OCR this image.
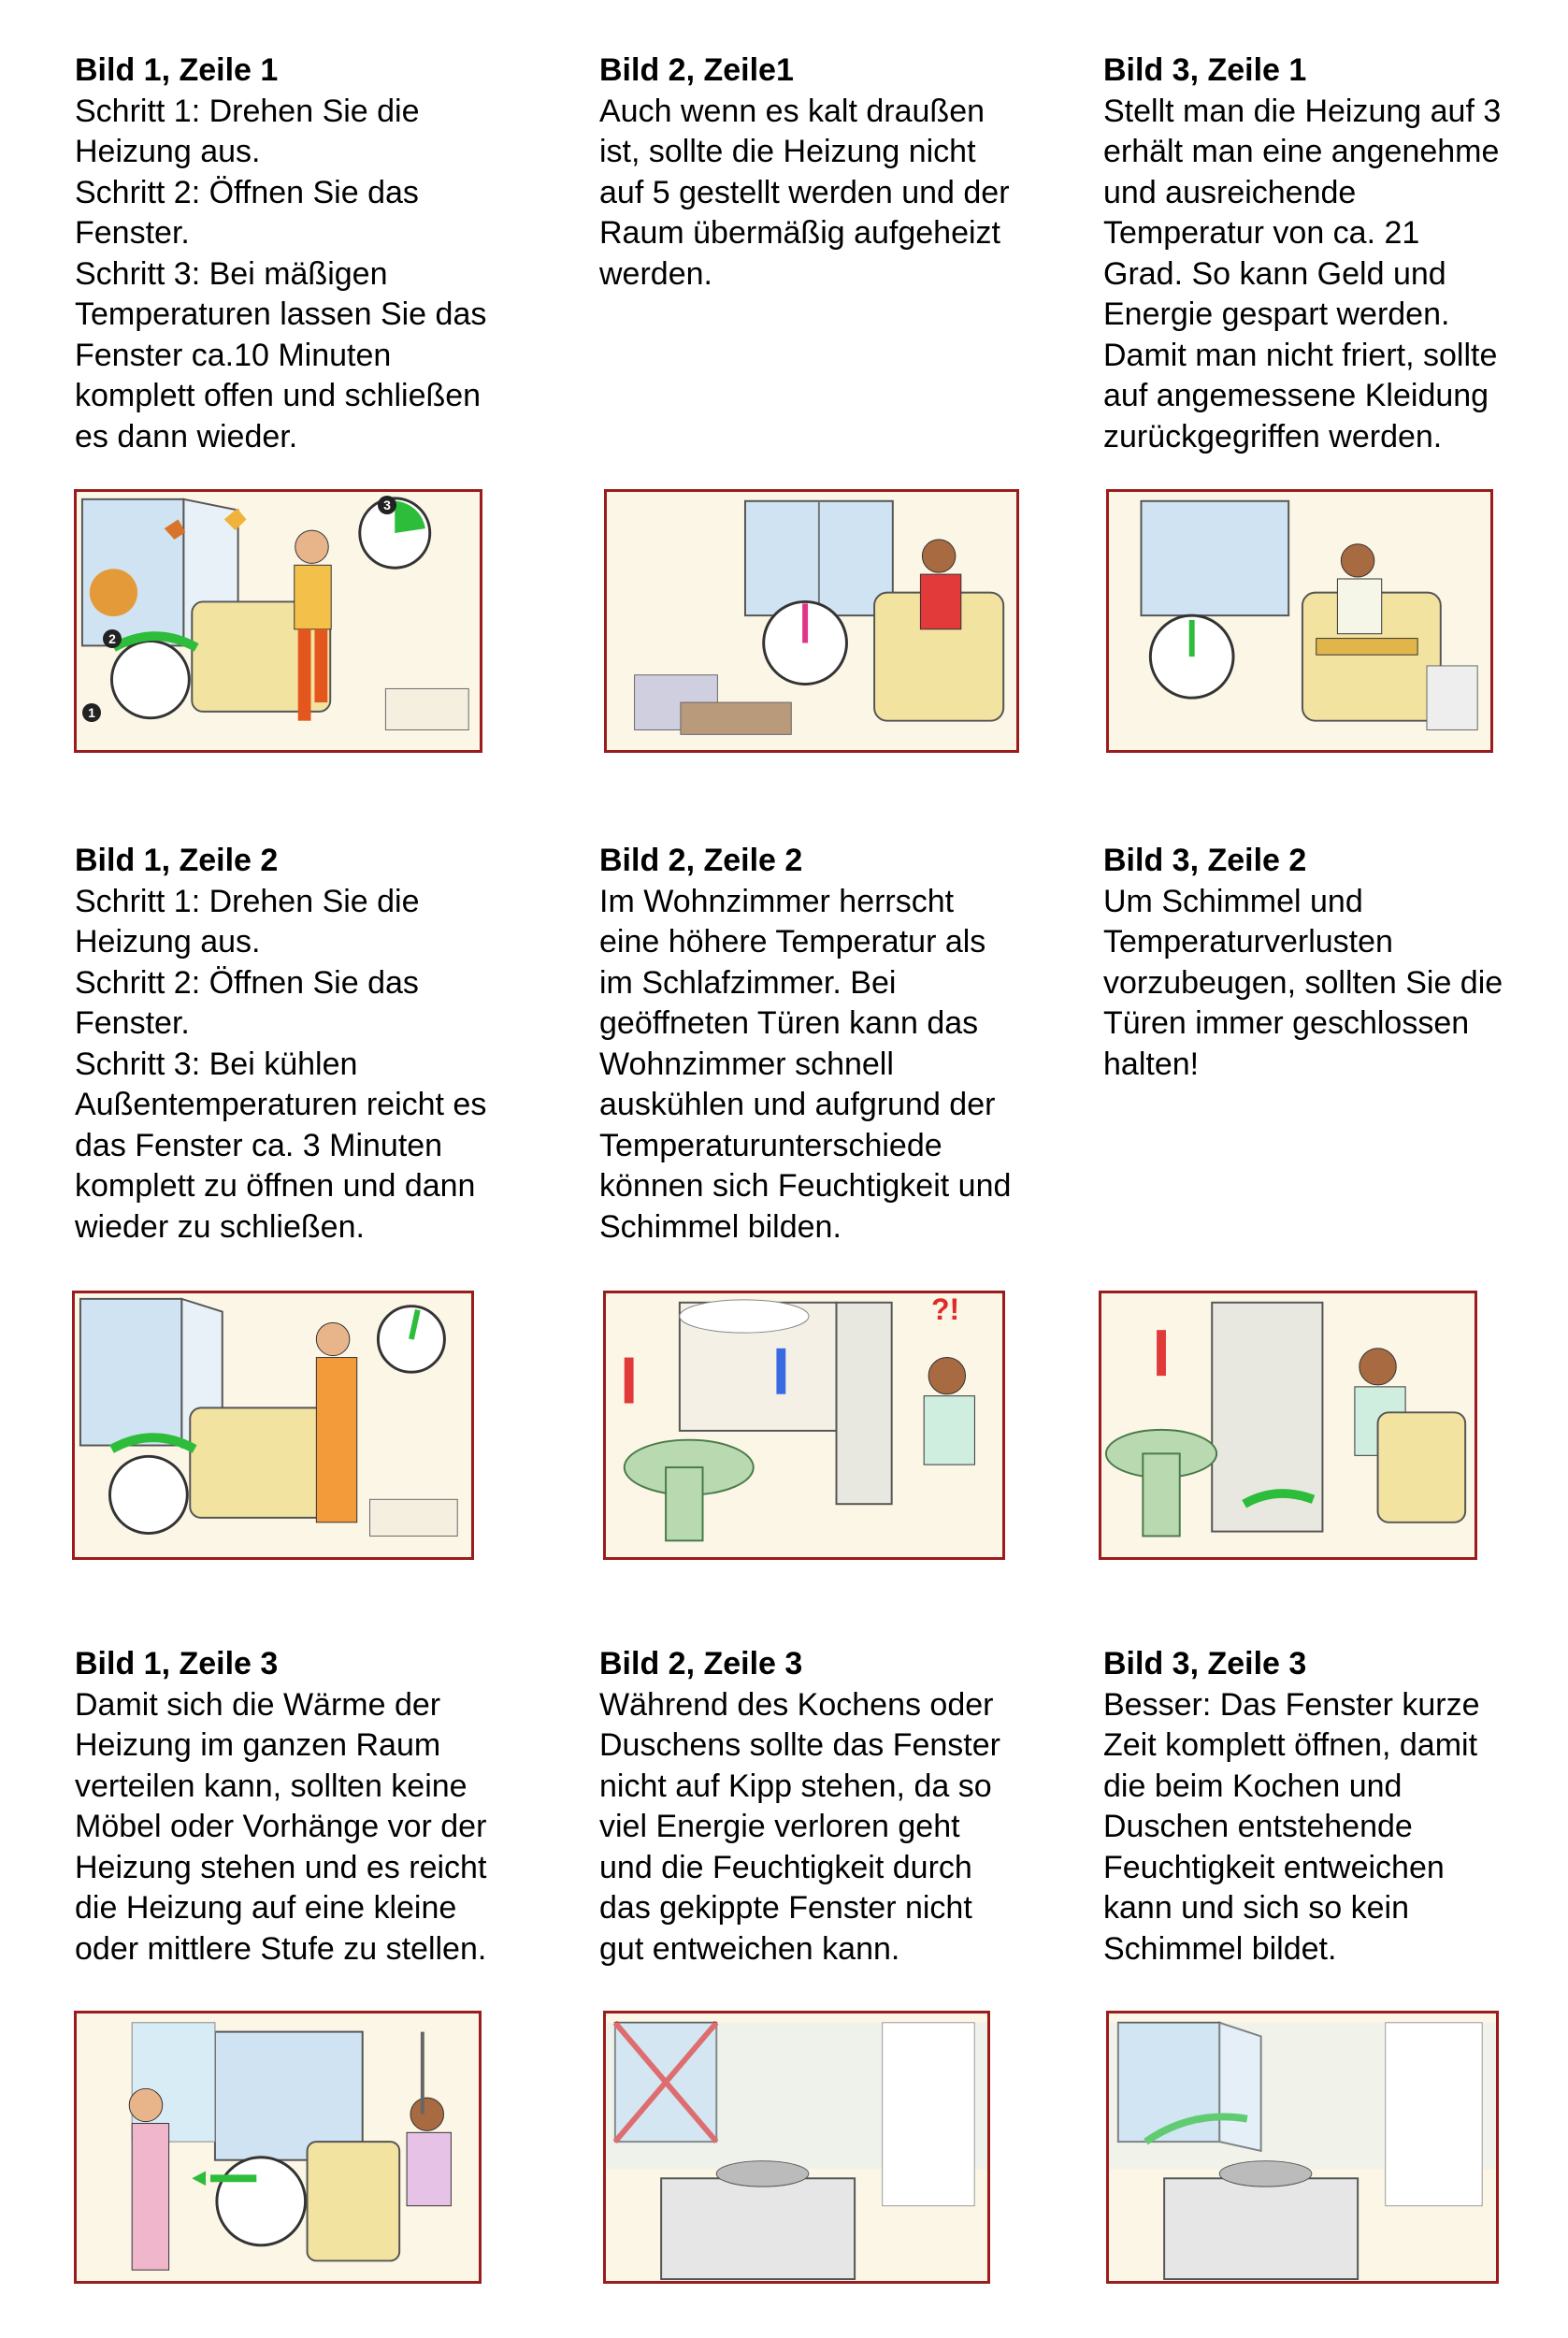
Bild 1, Zeile 1

Schritt 1: Drehen Sie die
Heizung aus.
Schritt 2: Öffnen Sie das
Fenster.
Schritt 3: Bei mäßigen
Temperaturen lassen Sie das
Fenster ca.10 Minuten
komplett offen und schließen
es dann wieder.

Bild 2, Zeile1

Auch wenn es kalt draußen
ist, sollte die Heizung nicht
auf 5 gestellt werden und der
Raum übermäßig aufgeheizt
werden.

Bild 3, Zeile 1

Stellt man die Heizung auf 3
erhält man eine angenehme
und ausreichende
Temperatur von ca. 21
Grad. So kann Geld und
Energie gespart werden.
Damit man nicht friert, sollte
auf angemessene Kleidung
zurückgegriffen werden.

Bild 1, Zeile 2

Schritt 1: Drehen Sie die
Heizung aus.
Schritt 2: Öffnen Sie das
Fenster.
Schritt 3: Bei kühlen
Außentemperaturen reicht es
das Fenster ca. 3 Minuten
komplett zu öffnen und dann
wieder zu schließen.

Bild 2, Zeile 2

Im Wohnzimmer herrscht
eine höhere Temperatur als
im Schlafzimmer. Bei
geöffneten Türen kann das
Wohnzimmer schnell
auskühlen und aufgrund der
Temperaturunterschiede
können sich Feuchtigkeit und
Schimmel bilden.

Bild 3, Zeile 2

Um Schimmel und
Temperaturverlusten
vorzubeugen, sollten Sie die
Türen immer geschlossen
halten!

Bild 1, Zeile 3

Damit sich die Wärme der
Heizung im ganzen Raum
verteilen kann, sollten keine
Möbel oder Vorhänge vor der
Heizung stehen und es reicht
die Heizung auf eine kleine
oder mittlere Stufe zu stellen.

Bild 2, Zeile 3

Während des Kochens oder
Duschens sollte das Fenster
nicht auf Kipp stehen, da so
viel Energie verloren geht
und die Feuchtigkeit durch
das gekippte Fenster nicht
gut entweichen kann.

Bild 3, Zeile 3

Besser: Das Fenster kurze
Zeit komplett öffnen, damit
die beim Kochen und
Duschen entstehende
Feuchtigkeit entweichen
kann und sich so kein
Schimmel bildet.

1
2
3
?!
